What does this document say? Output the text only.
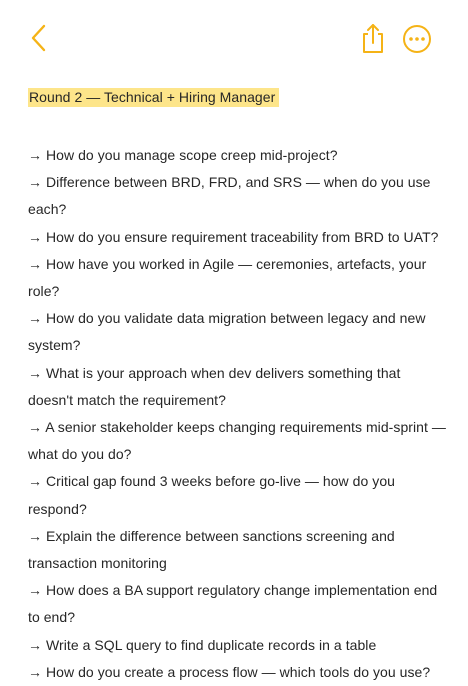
Round 2 — Technical + Hiring Manager
→ How do you manage scope creep mid-project?
→ Difference between BRD, FRD, and SRS — when do you use each?
→ How do you ensure requirement traceability from BRD to UAT?
→ How have you worked in Agile — ceremonies, artefacts, your role?
→ How do you validate data migration between legacy and new system?
→ What is your approach when dev delivers something that doesn't match the requirement?
→ A senior stakeholder keeps changing requirements mid-sprint — what do you do?
→ Critical gap found 3 weeks before go-live — how do you respond?
→ Explain the difference between sanctions screening and transaction monitoring
→ How does a BA support regulatory change implementation end to end?
→ Write a SQL query to find duplicate records in a table
→ How do you create a process flow — which tools do you use?
